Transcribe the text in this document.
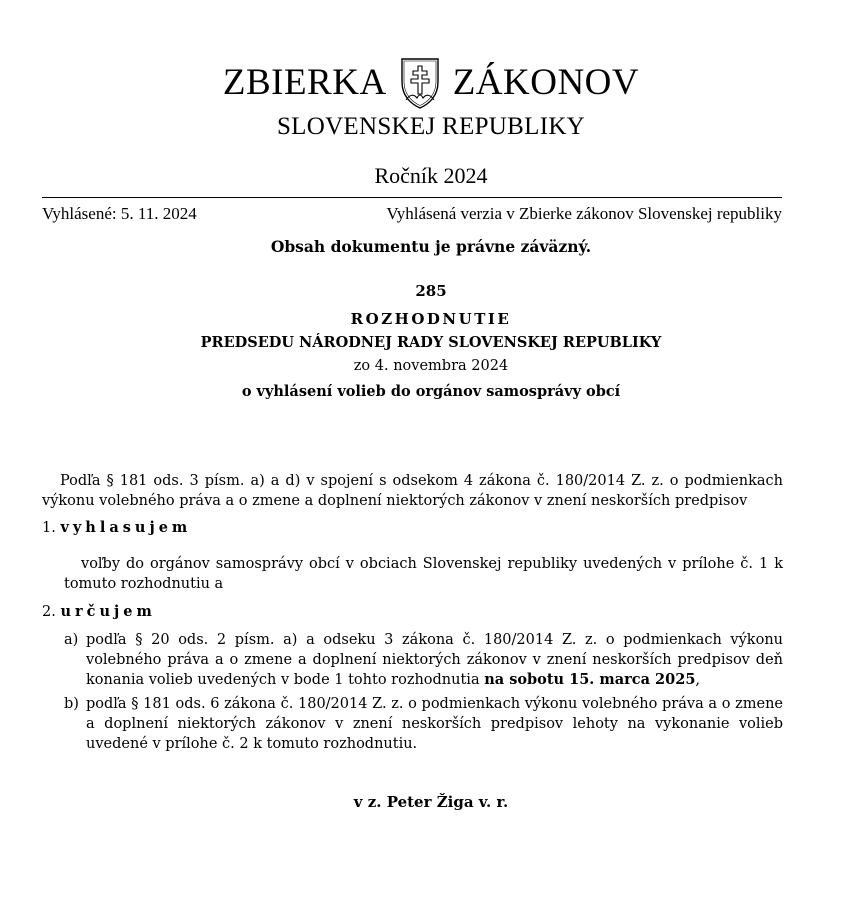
ZBIERKA ZÁKONOV
SLOVENSKEJ REPUBLIKY
Ročník 2024
Vyhlásené: 5. 11. 2024	Vyhlásená verzia v Zbierke zákonov Slovenskej republiky
Obsah dokumentu je právne záväzný.
285
ROZHODNUTIE
PREDSEDU NÁRODNEJ RADY SLOVENSKEJ REPUBLIKY
zo 4. novembra 2024
o vyhlásení volieb do orgánov samosprávy obcí
Podľa § 181 ods. 3 písm. a) a d) v spojení s odsekom 4 zákona č. 180/2014 Z. z. o podmienkach výkonu volebného práva a o zmene a doplnení niektorých zákonov v znení neskorších predpisov
1. vyhlasujem
voľby do orgánov samosprávy obcí v obciach Slovenskej republiky uvedených v prílohe č. 1 k tomuto rozhodnutiu a
2. určujem
a) podľa § 20 ods. 2 písm. a) a odseku 3 zákona č. 180/2014 Z. z. o podmienkach výkonu volebného práva a o zmene a doplnení niektorých zákonov v znení neskorších predpisov deň konania volieb uvedených v bode 1 tohto rozhodnutia na sobotu 15. marca 2025,
b) podľa § 181 ods. 6 zákona č. 180/2014 Z. z. o podmienkach výkonu volebného práva a o zmene a doplnení niektorých zákonov v znení neskorších predpisov lehoty na vykonanie volieb uvedené v prílohe č. 2 k tomuto rozhodnutiu.
v z. Peter Žiga v. r.
